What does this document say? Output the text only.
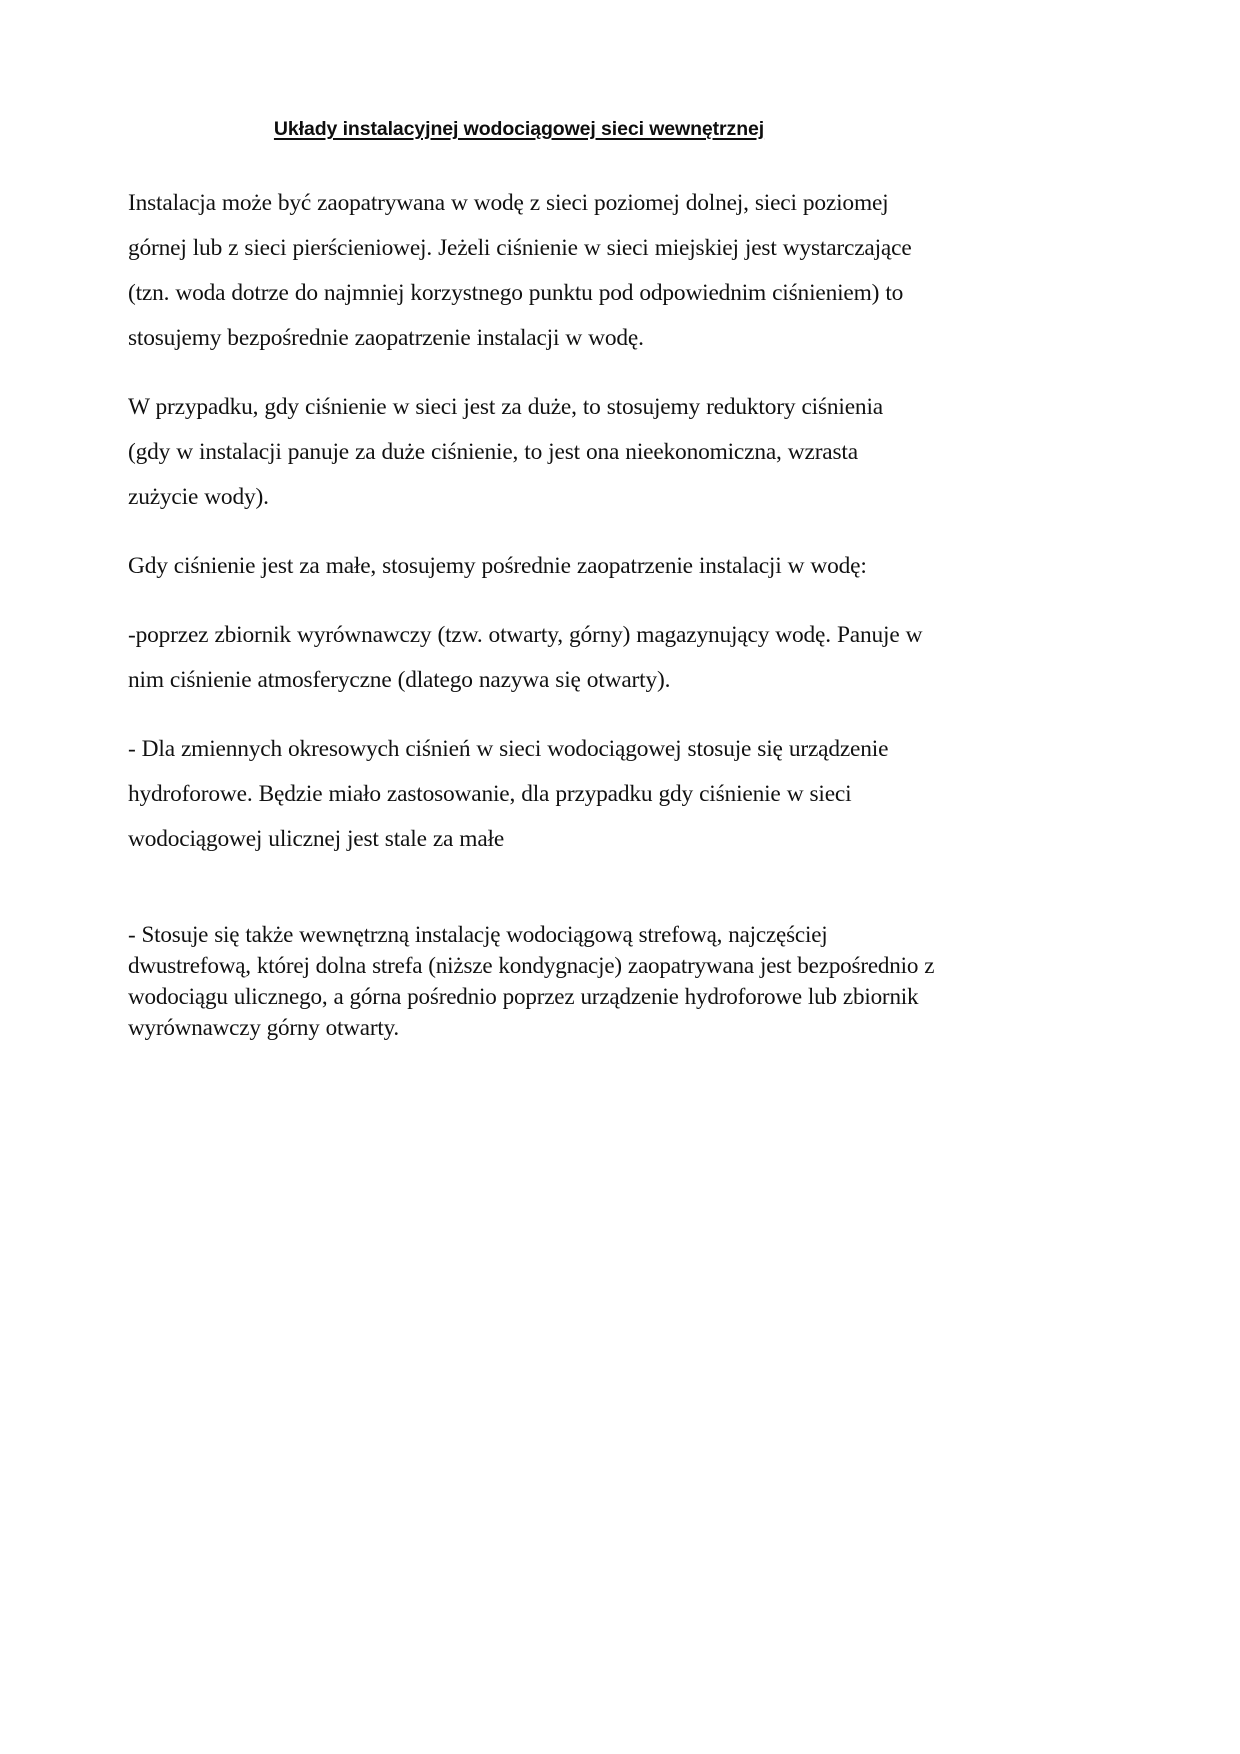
Układy instalacyjnej wodociągowej sieci wewnętrznej

Instalacja może być zaopatrywana w wodę z sieci poziomej dolnej, sieci poziomej górnej lub z sieci pierścieniowej. Jeżeli ciśnienie w sieci miejskiej jest wystarczające (tzn. woda dotrze do najmniej korzystnego punktu pod odpowiednim ciśnieniem) to stosujemy bezpośrednie zaopatrzenie instalacji w wodę.

W przypadku, gdy ciśnienie w sieci jest za duże, to stosujemy reduktory ciśnienia (gdy w instalacji panuje za duże ciśnienie, to jest ona nieekonomiczna, wzrasta zużycie wody).

Gdy ciśnienie jest za małe, stosujemy pośrednie zaopatrzenie instalacji w wodę:

-poprzez zbiornik wyrównawczy (tzw. otwarty, górny) magazynujący wodę. Panuje w nim ciśnienie atmosferyczne (dlatego nazywa się otwarty).

- Dla zmiennych okresowych ciśnień w sieci wodociągowej stosuje się urządzenie hydroforowe. Będzie miało zastosowanie, dla przypadku gdy ciśnienie w sieci wodociągowej ulicznej jest stale za małe

- Stosuje się także wewnętrzną instalację wodociągową strefową, najczęściej dwustrefową, której dolna strefa (niższe kondygnacje) zaopatrywana jest bezpośrednio z wodociągu ulicznego, a górna pośrednio poprzez urządzenie hydroforowe lub zbiornik wyrównawczy górny otwarty.
